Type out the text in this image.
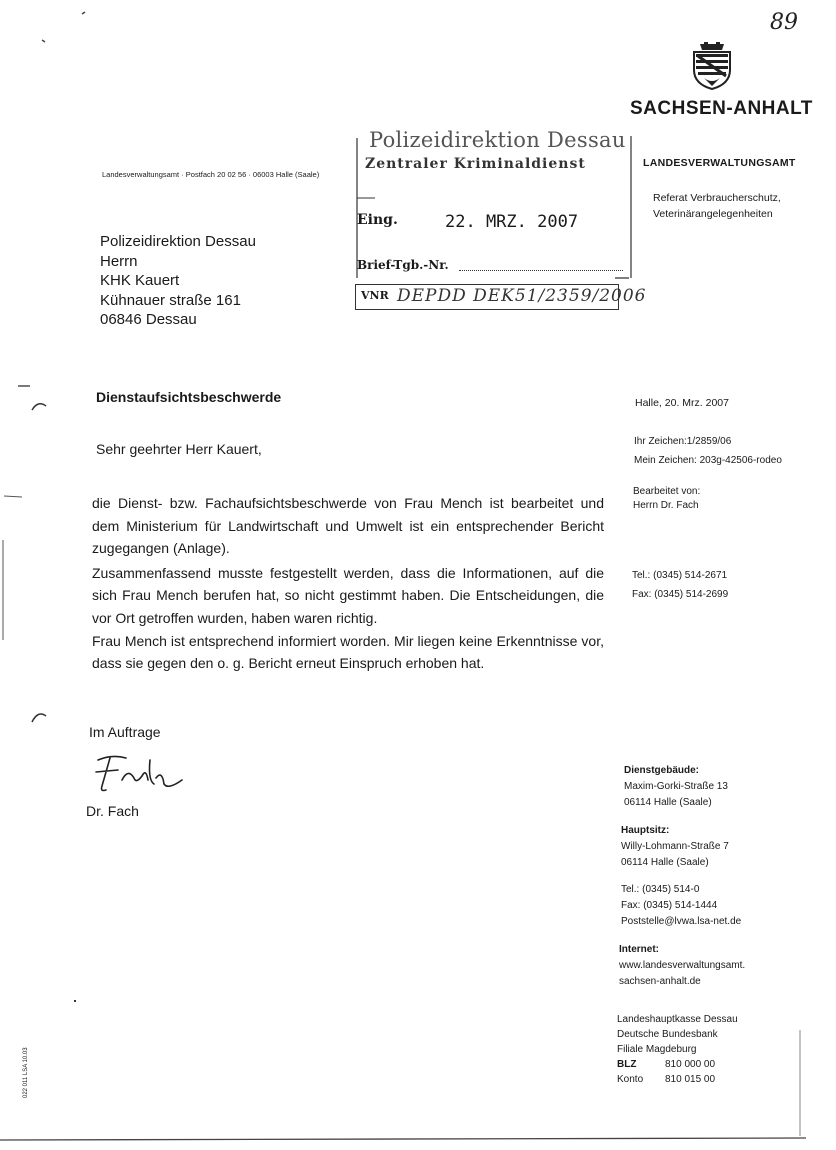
89
SACHSEN-ANHALT
Landesverwaltungsamt · Postfach 20 02 56 · 06003 Halle (Saale)
LANDESVERWALTUNGSAMT
Referat Verbraucherschutz,
Veterinärangelegenheiten
Polizeidirektion Dessau
Zentraler Kriminaldienst
Eing.	22. MRZ. 2007
Brief-Tgb.-Nr.
VNR DEPDD DEK51/2359/2006
Polizeidirektion Dessau
Herrn
KHK Kauert
Kühnauer straße 161
06846 Dessau
Dienstaufsichtsbeschwerde
Sehr geehrter Herr Kauert,

die Dienst- bzw. Fachaufsichtsbeschwerde von Frau Mench ist bearbeitet und dem Ministerium für Landwirtschaft und Umwelt ist ein entsprechender Bericht zugegangen (Anlage).

Zusammenfassend musste festgestellt werden, dass die Informationen, auf die sich Frau Mench berufen hat, so nicht gestimmt haben. Die Entscheidungen, die vor Ort getroffen wurden, haben waren richtig.

Frau Mench ist entsprechend informiert worden. Mir liegen keine Erkenntnisse vor, dass sie gegen den o. g. Bericht erneut Einspruch erhoben hat.

Im Auftrage
Fach
Dr. Fach
Halle, 20. Mrz. 2007
Ihr Zeichen:1/2859/06
Mein Zeichen: 203g-42506-rodeo
Bearbeitet von:
Herrn Dr. Fach
Tel.: (0345) 514-2671
Fax: (0345) 514-2699
Dienstgebäude:
Maxim-Gorki-Straße 13
06114 Halle (Saale)
Hauptsitz:
Willy-Lohmann-Straße 7
06114 Halle (Saale)
Tel.: (0345) 514-0
Fax: (0345) 514-1444
Poststelle@lvwa.lsa-net.de
Internet:
www.landesverwaltungsamt.
sachsen-anhalt.de
Landeshauptkasse Dessau
Deutsche Bundesbank
Filiale Magdeburg
BLZ	810 000 00
Konto	810 015 00
022 011 LSA 10.03
